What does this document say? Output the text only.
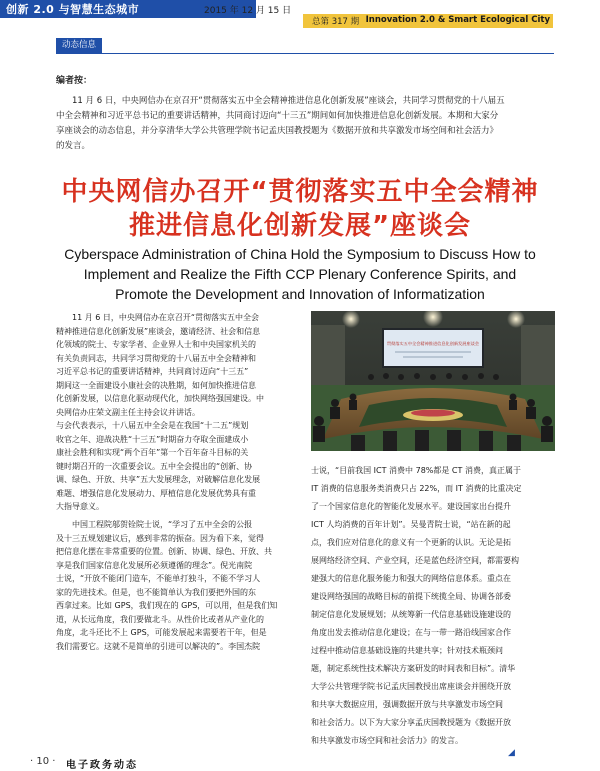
创新 2.0 与智慧生态城市	2015 年 12 月 15 日
总第 317 期 Innovation 2.0 & Smart Ecological City
动态信息
编者按：
11 月 6 日，中央网信办在京召开“贯彻落实五中全会精神推进信息化创新发展”座谈会，共同学习贯彻党的十八届五
中全会精神和习近平总书记的重要讲话精神，共同商讨迈向“十三五”期间如何加快推进信息化创新发展。本期和大家分
享座谈会的动态信息，并分享清华大学公共管理学院书记孟庆国教授题为《数据开放和共享激发市场空间和社会活力》
的发言。
中央网信办召开“贯彻落实五中全会精神
推进信息化创新发展”座谈会
Cyberspace Administration of China Hold the Symposium to Discuss How to
Implement and Realize the Fifth CCP Plenary Conference Spirits, and
Promote the Development and Innovation of Informatization
11 月 6 日，中央网信办在京召开“贯彻落实五中全会
精神推进信息化创新发展”座谈会，邀请经济、社会和信息
化领域的院士、专家学者、企业界人士和中央国家机关的
有关负责同志，共同学习贯彻党的十八届五中全会精神和
习近平总书记的重要讲话精神，共同商讨迈向“十三五”
期间这一全面建设小康社会的决胜期，如何加快推进信息
化创新发展，以信息化驱动现代化，加快网络强国建设。中
央网信办庄荣文副主任主持会议并讲话。
与会代表表示，十八届五中全会是在我国“十二五”规划
收官之年、迎战决胜“十三五”时期奋力夺取全面建成小
康社会胜利和实现“两个百年”第一个百年奋斗目标的关
键时期召开的一次重要会议。五中全会提出的“创新、协
调、绿色、开放、共享”五大发展理念，对破解信息化发展
难题、增强信息化发展动力、厚植信息化发展优势具有重
大指导意义。
中国工程院邬贺铨院士说，“学习了五中全会的公报
及十三五规划建议后，感到非常的振奋。因为看下来，觉得
把信息化摆在非常重要的位置。创新、协调、绿色、开放、共
享是我们国家信息化发展所必须遵循的理念”。倪光南院
士说，“开放不能闭门造车，不能单打独斗，不能不学习人
家的先进技术。但是，也不能简单认为我们要把外国的东
西拿过来。比如 GPS，我们现在的 GPS，可以用，但是我们知
道，从长远角度，我们要做北斗。从性价比或者从产业化的
角度，北斗还比不上 GPS，可能发展起来需要若干年，但是
我们需要它。这就不是简单的引进可以解决的”。李国杰院
贯彻落实五中全会精神推进信息化创新发展座谈会
士说，“目前我国 ICT 消费中 78%都是 CT 消费，真正属于
IT 消费的信息服务类消费只占 22%，而 IT 消费的比重决定
了一个国家信息化的智能化发展水平。建设国家出台提升
ICT 人均消费的百年计划”。吴曼青院士说，“站在新的起
点，我们应对信息化的意义有一个更新的认识。无论是拓
展网络经济空间、产业空间，还是蓝色经济空间，都需要构
建强大的信息化服务能力和强大的网络信息体系。重点在
建设网络强国的战略目标的前提下统揽全局、协调各部委
制定信息化发展规划；从统筹新一代信息基础设施建设的
角度出发去推动信息化建设；在与一带一路沿线国家合作
过程中推动信息基础设施的共建共享；针对技术瓶颈问
题，制定系统性技术解决方案研发的时间表和目标”。清华
大学公共管理学院书记孟庆国教授出席座谈会并围绕开放
和共享大数据应用，强调数据开放与共享激发市场空间
和社会活力。以下为大家分享孟庆国教授题为《数据开放
和共享激发市场空间和社会活力》的发言。
◢
· 10 · 电子政务动态
